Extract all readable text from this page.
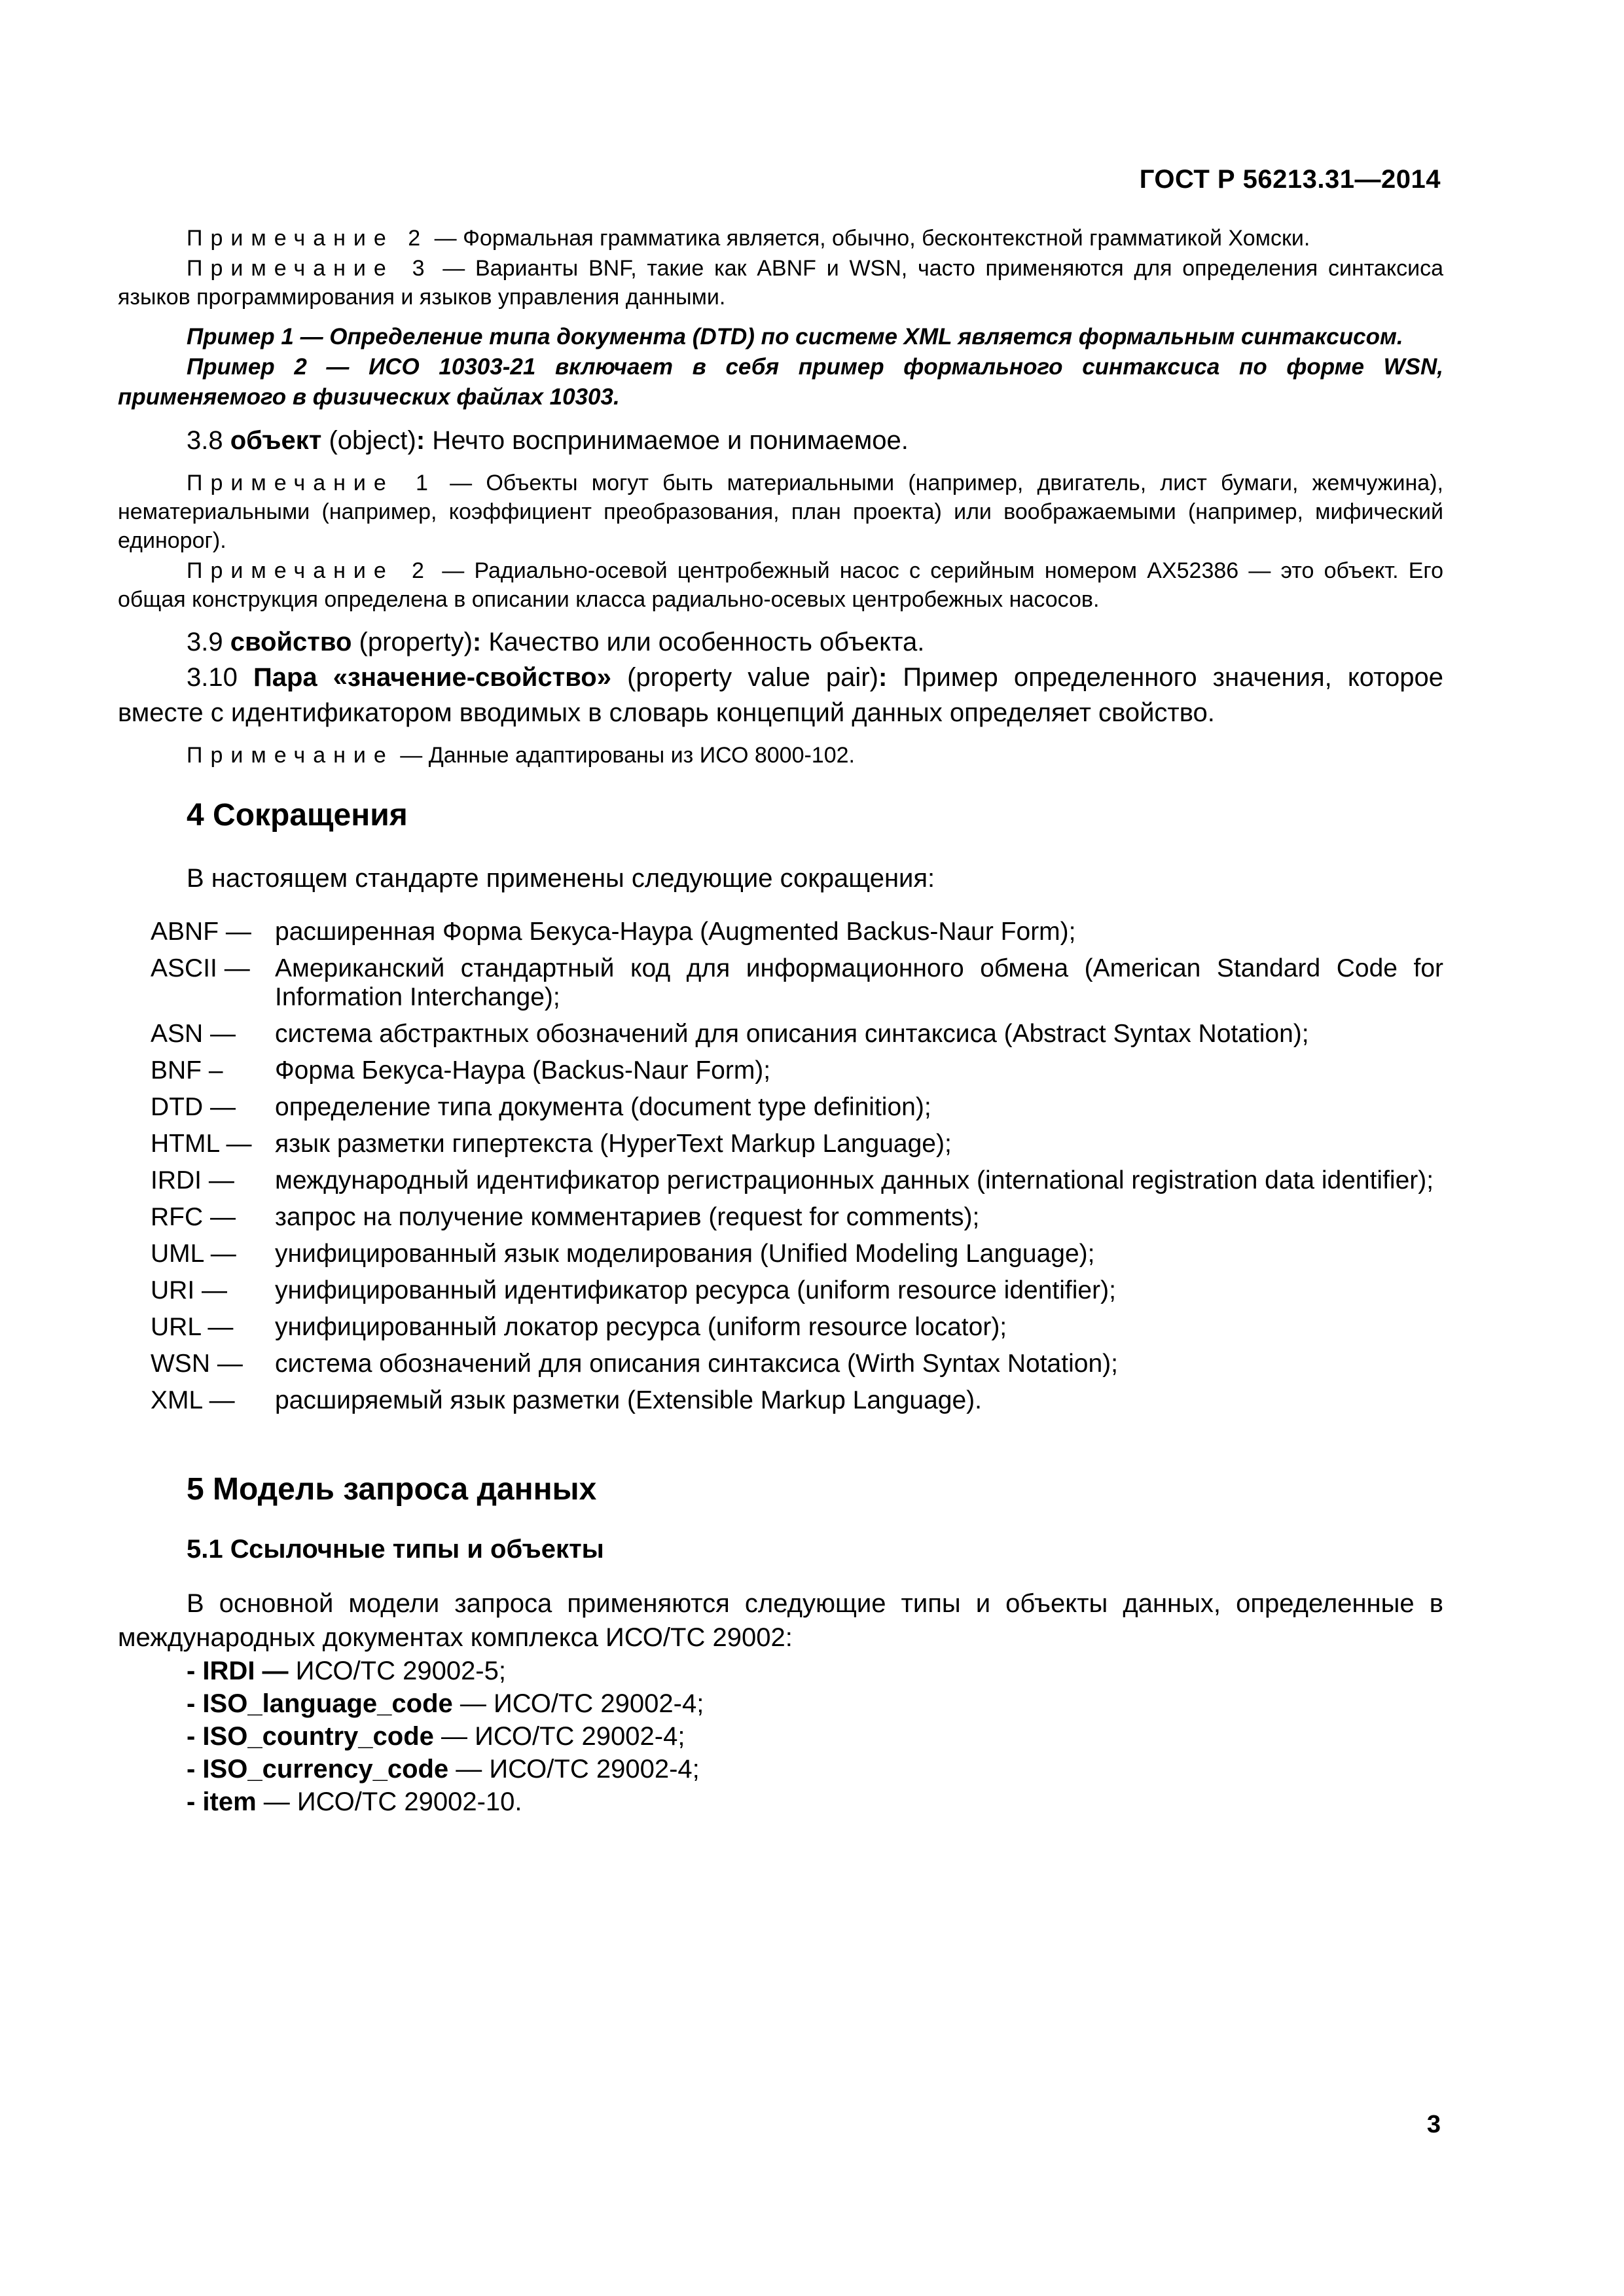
ГОСТ Р 56213.31—2014

Примечание 2 — Формальная грамматика является, обычно, бесконтекстной грамматикой Хомски.

Примечание 3 — Варианты BNF, такие как ABNF и WSN, часто применяются для определения синтаксиса языков программирования и языков управления данными.

Пример 1 — Определение типа документа (DTD) по системе XML является формальным синтаксисом.

Пример 2 — ИСО 10303-21 включает в себя пример формального синтаксиса по форме WSN, применяемого в физических файлах 10303.

3.8 объект (object): Нечто воспринимаемое и понимаемое.

Примечание 1 — Объекты могут быть материальными (например, двигатель, лист бумаги, жемчужина), нематериальными (например, коэффициент преобразования, план проекта) или воображаемыми (например, мифический единорог).

Примечание 2 — Радиально-осевой центробежный насос с серийным номером AX52386 — это объект. Его общая конструкция определена в описании класса радиально-осевых центробежных насосов.

3.9 свойство (property): Качество или особенность объекта.

3.10 Пара «значение-свойство» (property value pair): Пример определенного значения, которое вместе с идентификатором вводимых в словарь концепций данных определяет свойство.

Примечание — Данные адаптированы из ИСО 8000-102.

4 Сокращения

В настоящем стандарте применены следующие сокращения:

ABNF — расширенная Форма Бекуса-Наура (Augmented Backus-Naur Form);
ASCII — Американский стандартный код для информационного обмена (American Standard Code for Information Interchange);
ASN —	система абстрактных обозначений для описания синтаксиса (Abstract Syntax Notation);
BNF –	Форма Бекуса-Наура (Backus-Naur Form);
DTD —	определение типа документа (document type definition);
HTML — язык разметки гипертекста (HyperText Markup Language);
IRDI —	международный идентификатор регистрационных данных (international registration data identifier);
RFC —	запрос на получение комментариев (request for comments);
UML —	унифицированный язык моделирования (Unified Modeling Language);
URI —	унифицированный идентификатор ресурса (uniform resource identifier);
URL —	унифицированный локатор ресурса (uniform resource locator);
WSN —	система обозначений для описания синтаксиса (Wirth Syntax Notation);
XML —	расширяемый язык разметки (Extensible Markup Language).
5 Модель запроса данных
5.1 Ссылочные типы и объекты

В основной модели запроса применяются следующие типы и объекты данных, определенные в международных документах комплекса ИСО/ТС 29002:

- IRDI — ИСО/ТС 29002-5;
- ISO_language_code — ИСО/ТС 29002-4;
- ISO_country_code — ИСО/ТС 29002-4;
- ISO_currency_code — ИСО/ТС 29002-4;
- item — ИСО/ТС 29002-10.
3
